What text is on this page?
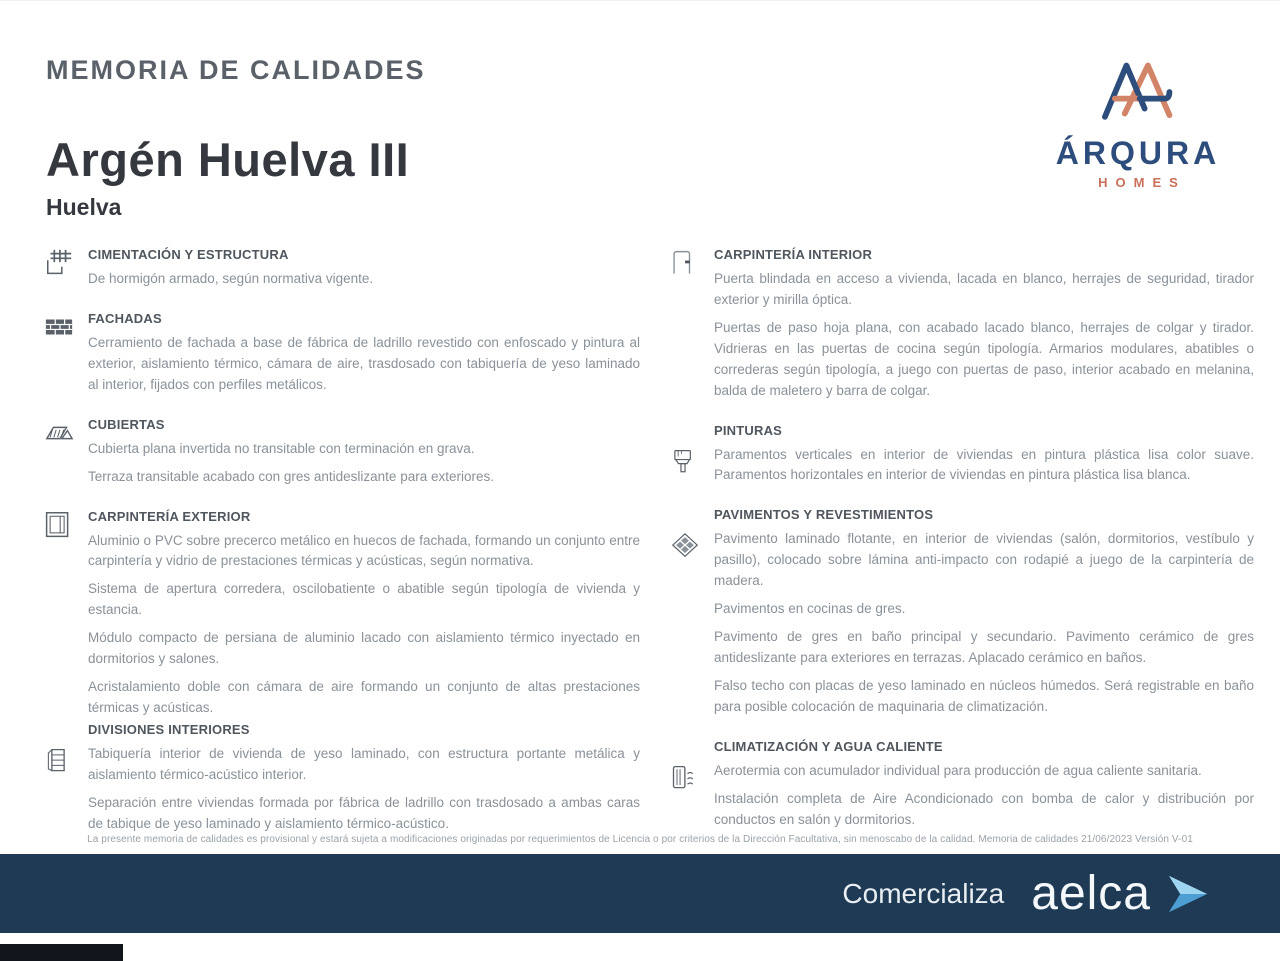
MEMORIA DE CALIDADES
Argén Huelva III
Huelva
ÁRQURA
HOMES
CIMENTACIÓN Y ESTRUCTURA

De hormigón armado, según normativa vigente.

FACHADAS

Cerramiento de fachada a base de fábrica de ladrillo revestido con enfoscado y pintura al exterior, aislamiento térmico, cámara de aire, trasdosado con tabiquería de yeso laminado al interior, fijados con perfiles metálicos.

CUBIERTAS

Cubierta plana invertida no transitable con terminación en grava.

Terraza transitable acabado con gres antideslizante para exteriores.

CARPINTERÍA EXTERIOR

Aluminio o PVC sobre precerco metálico en huecos de fachada, formando un conjunto entre carpintería y vidrio de prestaciones térmicas y acústicas, según normativa.

Sistema de apertura corredera, oscilobatiente o abatible según tipología de vivienda y estancia.

Módulo compacto de persiana de aluminio lacado con aislamiento térmico inyectado en dormitorios y salones.

Acristalamiento doble con cámara de aire formando un conjunto de altas prestaciones térmicas y acústicas.

DIVISIONES INTERIORES

Tabiquería interior de vivienda de yeso laminado, con estructura portante metálica y aislamiento térmico-acústico interior.

Separación entre viviendas formada por fábrica de ladrillo con trasdosado a ambas caras de tabique de yeso laminado y aislamiento térmico-acústico.

CARPINTERÍA INTERIOR

Puerta blindada en acceso a vivienda, lacada en blanco, herrajes de seguridad, tirador exterior y mirilla óptica.

Puertas de paso hoja plana, con acabado lacado blanco, herrajes de colgar y tirador. Vidrieras en las puertas de cocina según tipología. Armarios modulares, abatibles o correderas según tipología, a juego con puertas de paso, interior acabado en melanina, balda de maletero y barra de colgar.

PINTURAS

Paramentos verticales en interior de viviendas en pintura plástica lisa color suave. Paramentos horizontales en interior de viviendas en pintura plástica lisa blanca.

PAVIMENTOS Y REVESTIMIENTOS

Pavimento laminado flotante, en interior de viviendas (salón, dormitorios, vestíbulo y pasillo), colocado sobre lámina anti-impacto con rodapié a juego de la carpintería de madera.

Pavimentos en cocinas de gres.

Pavimento de gres en baño principal y secundario. Pavimento cerámico de gres antideslizante para exteriores en terrazas. Aplacado cerámico en baños.

Falso techo con placas de yeso laminado en núcleos húmedos. Será registrable en baño para posible colocación de maquinaria de climatización.

CLIMATIZACIÓN Y AGUA CALIENTE

Aerotermia con acumulador individual para producción de agua caliente sanitaria.

Instalación completa de Aire Acondicionado con bomba de calor y distribución por conductos en salón y dormitorios.

La presente memoria de calidades es provisional y estará sujeta a modificaciones originadas por requerimientos de Licencia o por criterios de la Dirección Facultativa, sin menoscabo de la calidad. Memoria de calidades 21/06/2023 Versión V-01
Comercializa aelca
